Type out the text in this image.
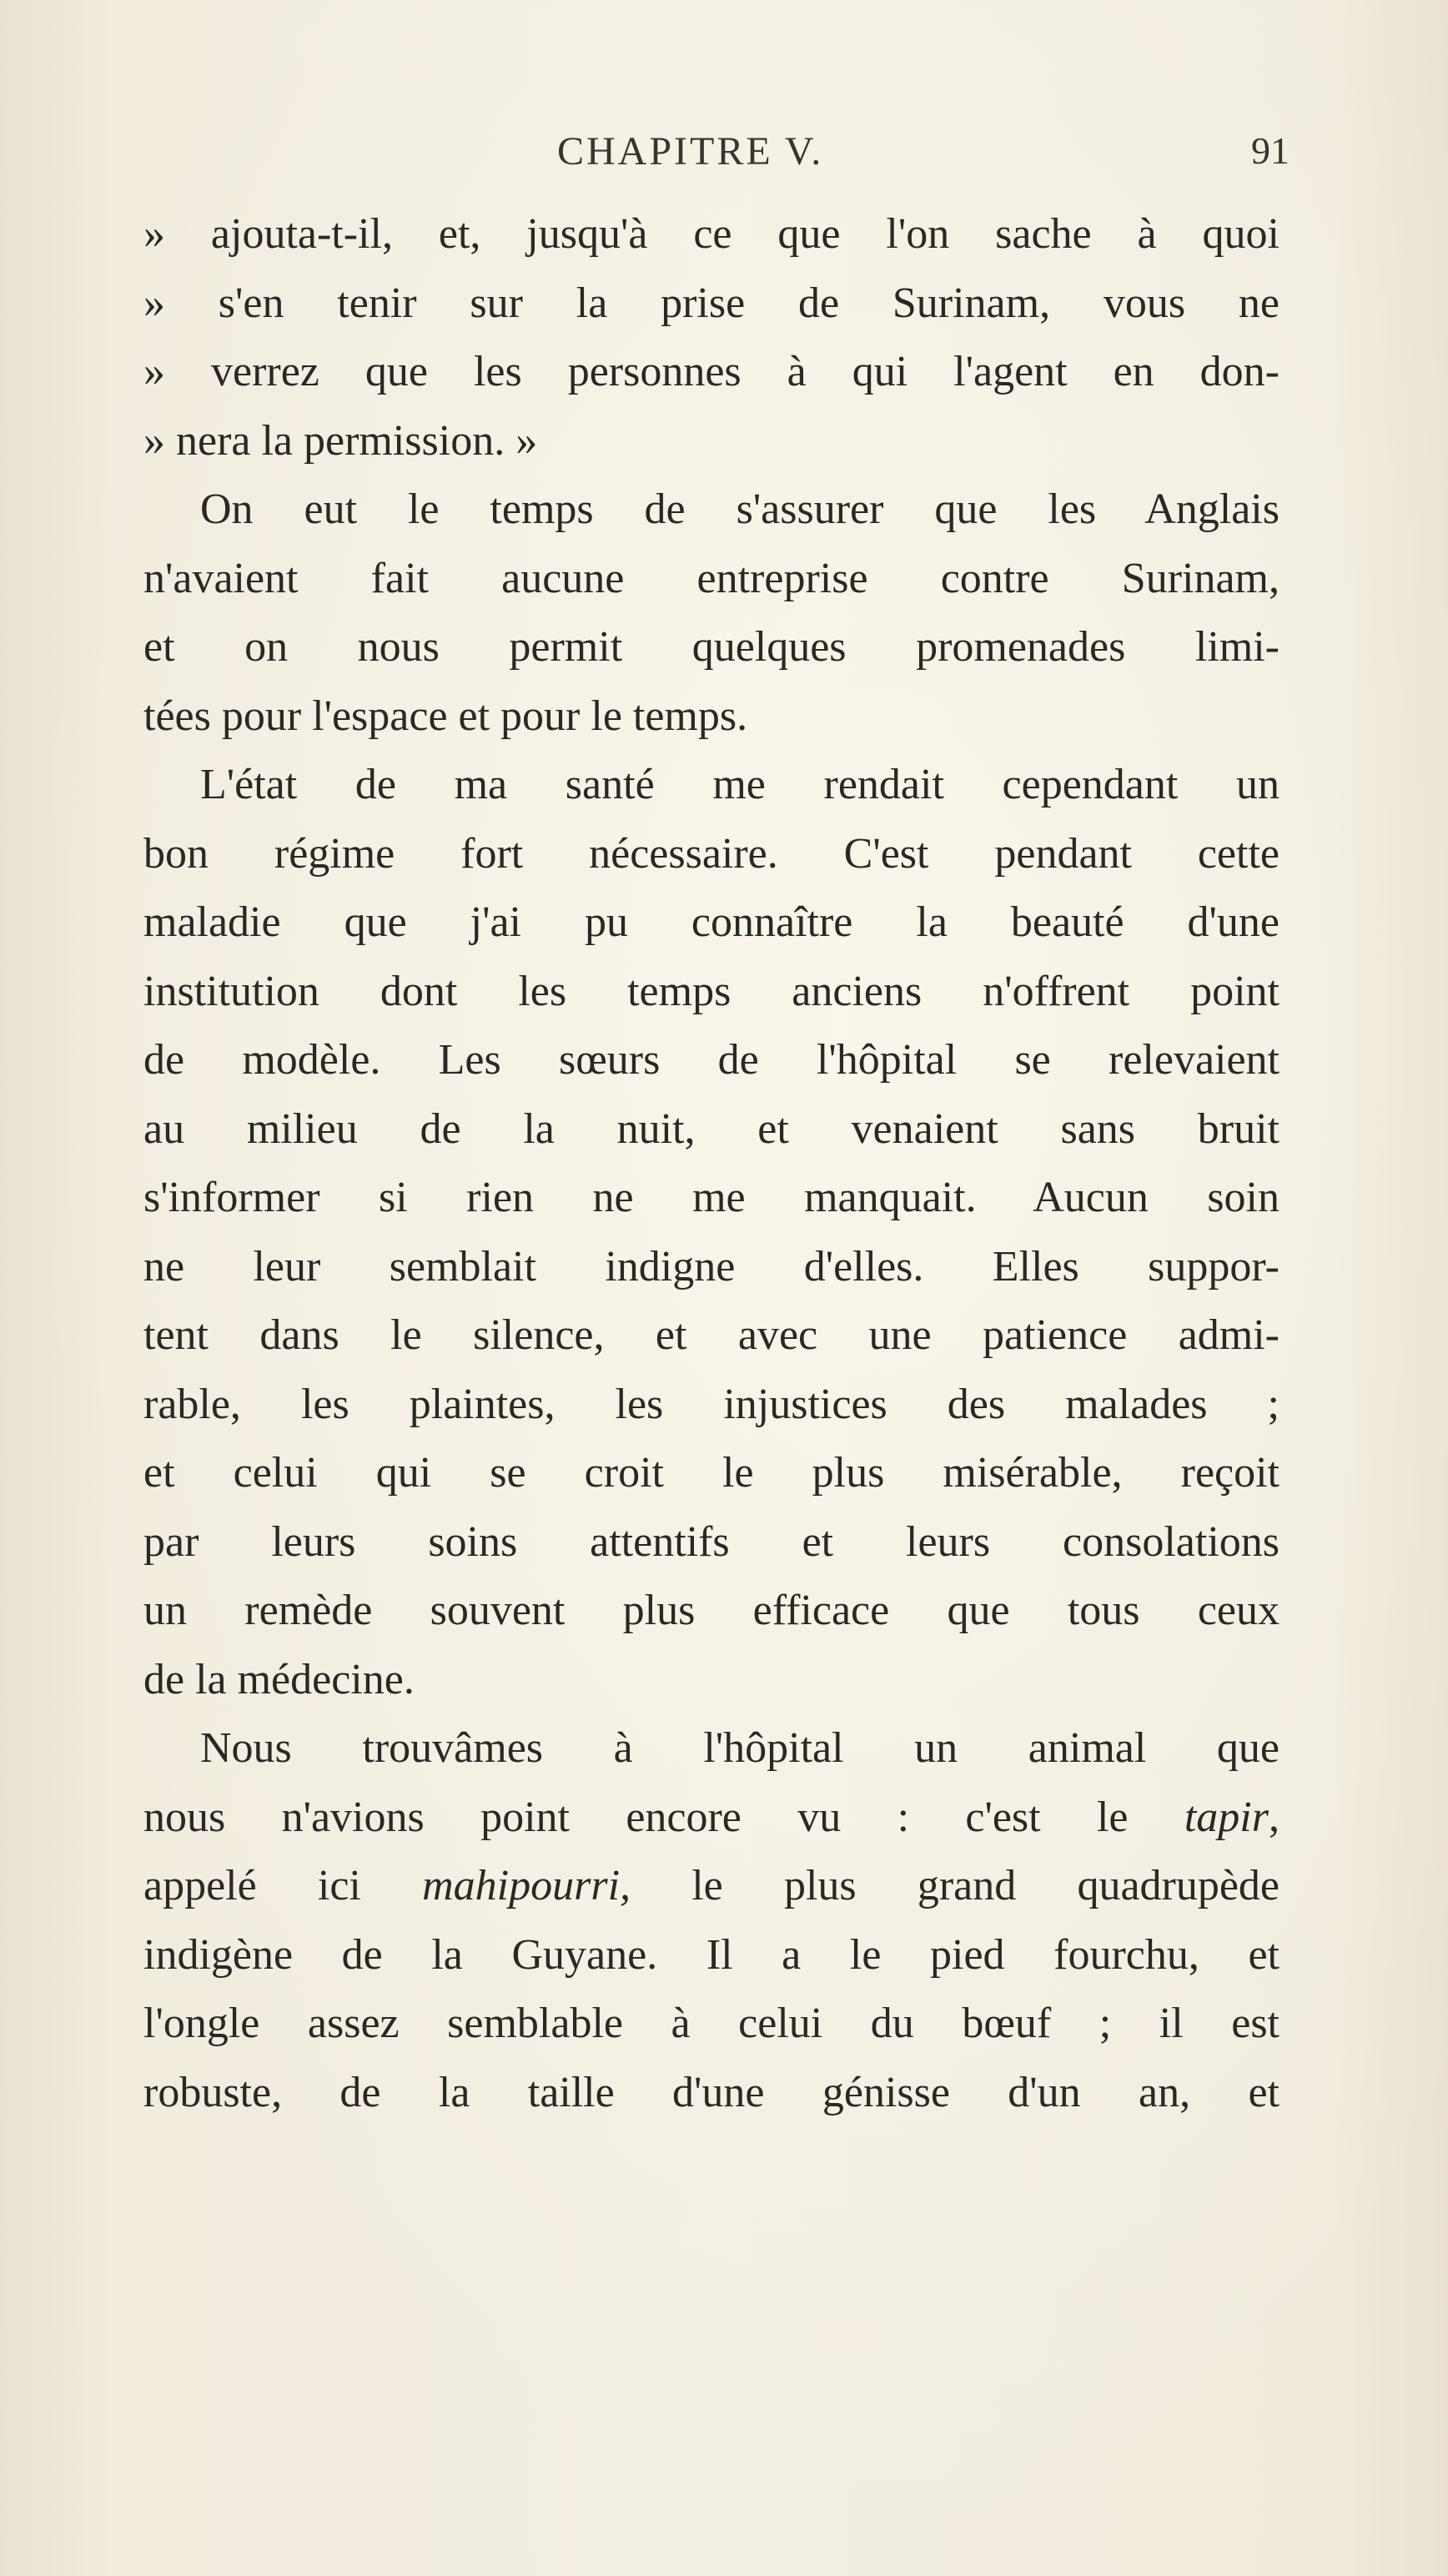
CHAPITRE V.	91
» ajouta-t-il, et, jusqu'à ce que l'on sache à quoi
» s'en tenir sur la prise de Surinam, vous ne
» verrez que les personnes à qui l'agent en don-
» nera la permission. »
On eut le temps de s'assurer que les Anglais
n'avaient fait aucune entreprise contre Surinam,
et on nous permit quelques promenades limi-
tées pour l'espace et pour le temps.
L'état de ma santé me rendait cependant un
bon régime fort nécessaire. C'est pendant cette
maladie que j'ai pu connaître la beauté d'une
institution dont les temps anciens n'offrent point
de modèle. Les sœurs de l'hôpital se relevaient
au milieu de la nuit, et venaient sans bruit
s'informer si rien ne me manquait. Aucun soin
ne leur semblait indigne d'elles. Elles suppor-
tent dans le silence, et avec une patience admi-
rable, les plaintes, les injustices des malades ;
et celui qui se croit le plus misérable, reçoit
par leurs soins attentifs et leurs consolations
un remède souvent plus efficace que tous ceux
de la médecine.
Nous trouvâmes à l'hôpital un animal que
nous n'avions point encore vu : c'est le tapir,
appelé ici mahipourri, le plus grand quadrupède
indigène de la Guyane. Il a le pied fourchu, et
l'ongle assez semblable à celui du bœuf ; il est
robuste, de la taille d'une génisse d'un an, et
